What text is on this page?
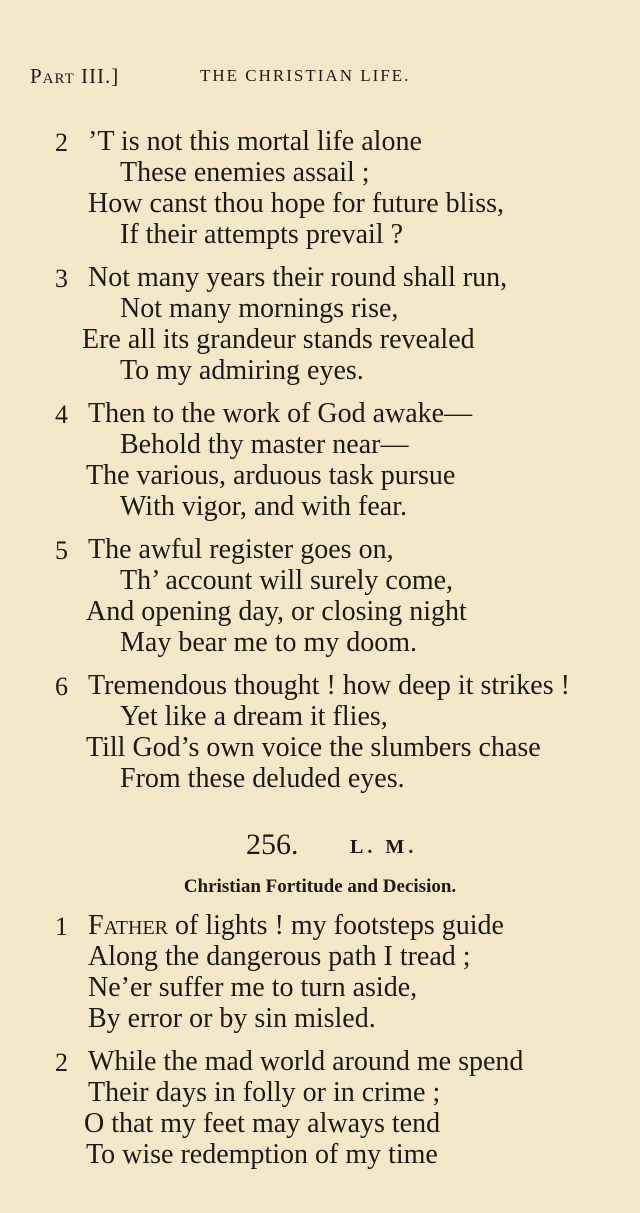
Part III.]	THE CHRISTIAN LIFE.
2 ’T is not this mortal life alone
These enemies assail ;
How canst thou hope for future bliss,
If their attempts prevail ?
3 Not many years their round shall run,
Not many mornings rise,
Ere all its grandeur stands revealed
To my admiring eyes.
4 Then to the work of God awake—
Behold thy master near—
The various, arduous task pursue
With vigor, and with fear.
5 The awful register goes on,
Th’ account will surely come,
And opening day, or closing night
May bear me to my doom.
6 Tremendous thought ! how deep it strikes !
Yet like a dream it flies,
Till God’s own voice the slumbers chase
From these deluded eyes.
256.	L. M.
Christian Fortitude and Decision.
1 Father of lights ! my footsteps guide
Along the dangerous path I tread ;
Ne’er suffer me to turn aside,
By error or by sin misled.
2 While the mad world around me spend
Their days in folly or in crime ;
O that my feet may always tend
To wise redemption of my time
